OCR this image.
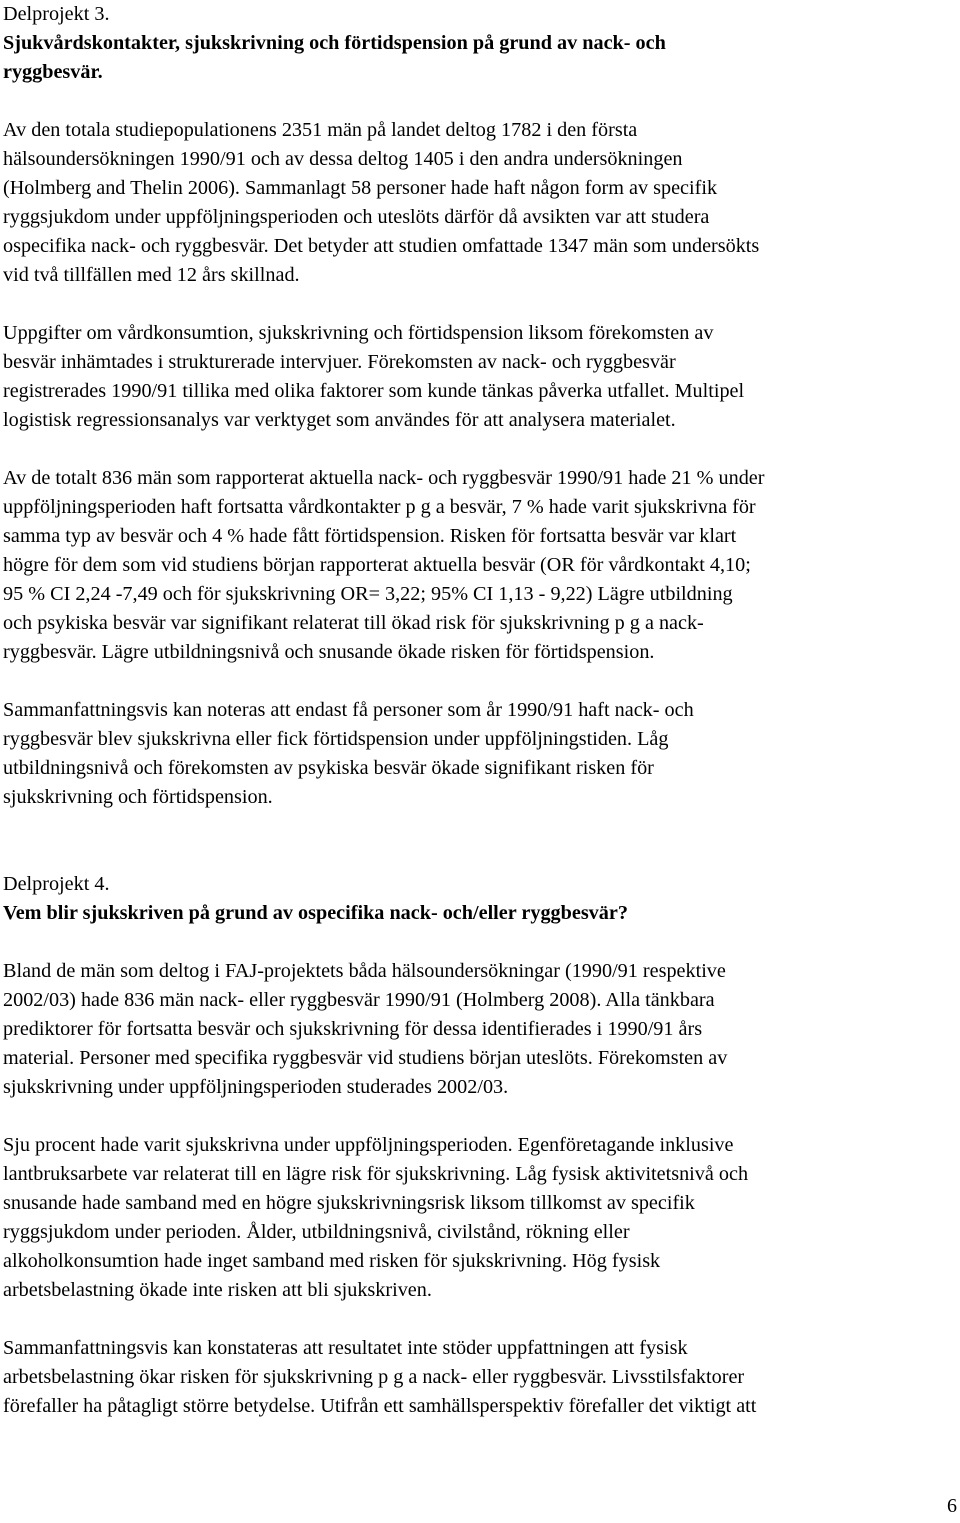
Delprojekt 3.
Sjukvårdskontakter, sjukskrivning och förtidspension på grund av nack- och
ryggbesvär.
Av den totala studiepopulationens 2351 män på landet deltog 1782 i den första
hälsoundersökningen 1990/91 och av dessa deltog 1405 i den andra undersökningen
(Holmberg and Thelin 2006). Sammanlagt 58 personer hade haft någon form av specifik
ryggsjukdom under uppföljningsperioden och uteslöts därför då avsikten var att studera
ospecifika nack- och ryggbesvär. Det betyder att studien omfattade 1347 män som undersökts
vid två tillfällen med 12 års skillnad.
Uppgifter om vårdkonsumtion, sjukskrivning och förtidspension liksom förekomsten av
besvär inhämtades i strukturerade intervjuer. Förekomsten av nack- och ryggbesvär
registrerades 1990/91 tillika med olika faktorer som kunde tänkas påverka utfallet. Multipel
logistisk regressionsanalys var verktyget som användes för att analysera materialet.
Av de totalt 836 män som rapporterat aktuella nack- och ryggbesvär 1990/91 hade 21 % under
uppföljningsperioden haft fortsatta vårdkontakter p g a besvär, 7 % hade varit sjukskrivna för
samma typ av besvär och 4 % hade fått förtidspension. Risken för fortsatta besvär var klart
högre för dem som vid studiens början rapporterat aktuella besvär (OR för vårdkontakt 4,10;
95 % CI 2,24 -7,49 och för sjukskrivning OR= 3,22; 95% CI 1,13 - 9,22) Lägre utbildning
och psykiska besvär var signifikant relaterat till ökad risk för sjukskrivning p g a nack-
ryggbesvär. Lägre utbildningsnivå och snusande ökade risken för förtidspension.
Sammanfattningsvis kan noteras att endast få personer som år 1990/91 haft nack- och
ryggbesvär blev sjukskrivna eller fick förtidspension under uppföljningstiden. Låg
utbildningsnivå och förekomsten av psykiska besvär ökade signifikant risken för
sjukskrivning och förtidspension.
Delprojekt 4.
Vem blir sjukskriven på grund av ospecifika nack- och/eller ryggbesvär?
Bland de män som deltog i FAJ-projektets båda hälsoundersökningar (1990/91 respektive
2002/03) hade 836 män nack- eller ryggbesvär 1990/91 (Holmberg 2008). Alla tänkbara
prediktorer för fortsatta besvär och sjukskrivning för dessa identifierades i 1990/91 års
material. Personer med specifika ryggbesvär vid studiens början uteslöts. Förekomsten av
sjukskrivning under uppföljningsperioden studerades 2002/03.
Sju procent hade varit sjukskrivna under uppföljningsperioden. Egenföretagande inklusive
lantbruksarbete var relaterat till en lägre risk för sjukskrivning. Låg fysisk aktivitetsnivå och
snusande hade samband med en högre sjukskrivningsrisk liksom tillkomst av specifik
ryggsjukdom under perioden. Ålder, utbildningsnivå, civilstånd, rökning eller
alkoholkonsumtion hade inget samband med risken för sjukskrivning. Hög fysisk
arbetsbelastning ökade inte risken att bli sjukskriven.
Sammanfattningsvis kan konstateras att resultatet inte stöder uppfattningen att fysisk
arbetsbelastning ökar risken för sjukskrivning p g a nack- eller ryggbesvär. Livsstilsfaktorer
förefaller ha påtagligt större betydelse. Utifrån ett samhällsperspektiv förefaller det viktigt att
6
